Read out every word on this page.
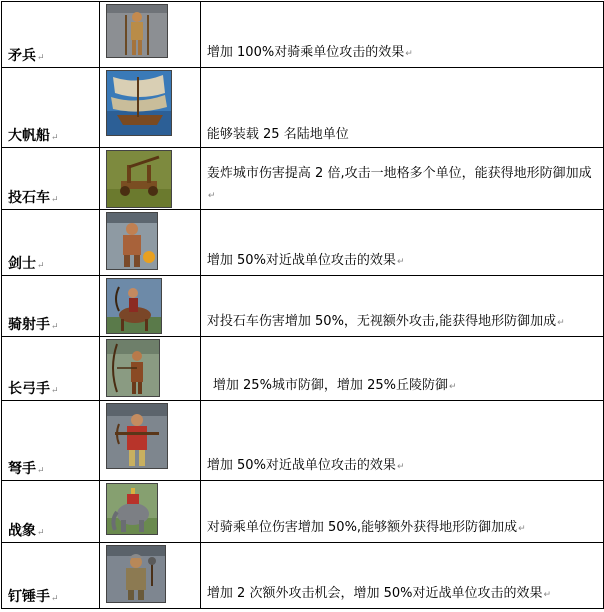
矛兵↵		增加 100%对骑乘单位攻击的效果↵
大帆船↵		能够装载 25 名陆地单位
投石车↵		轰炸城市伤害提高 2 倍,攻击一地格多个单位，能获得地形防御加成↵
剑士↵		增加 50%对近战单位攻击的效果↵
骑射手↵		对投石车伤害增加 50%，无视额外攻击,能获得地形防御加成↵
长弓手↵		增加 25%城市防御，增加 25%丘陵防御↵
弩手↵		增加 50%对近战单位攻击的效果↵
战象↵		对骑乘单位伤害增加 50%,能够额外获得地形防御加成↵
钉锤手↵		增加 2 次额外攻击机会，增加 50%对近战单位攻击的效果↵
